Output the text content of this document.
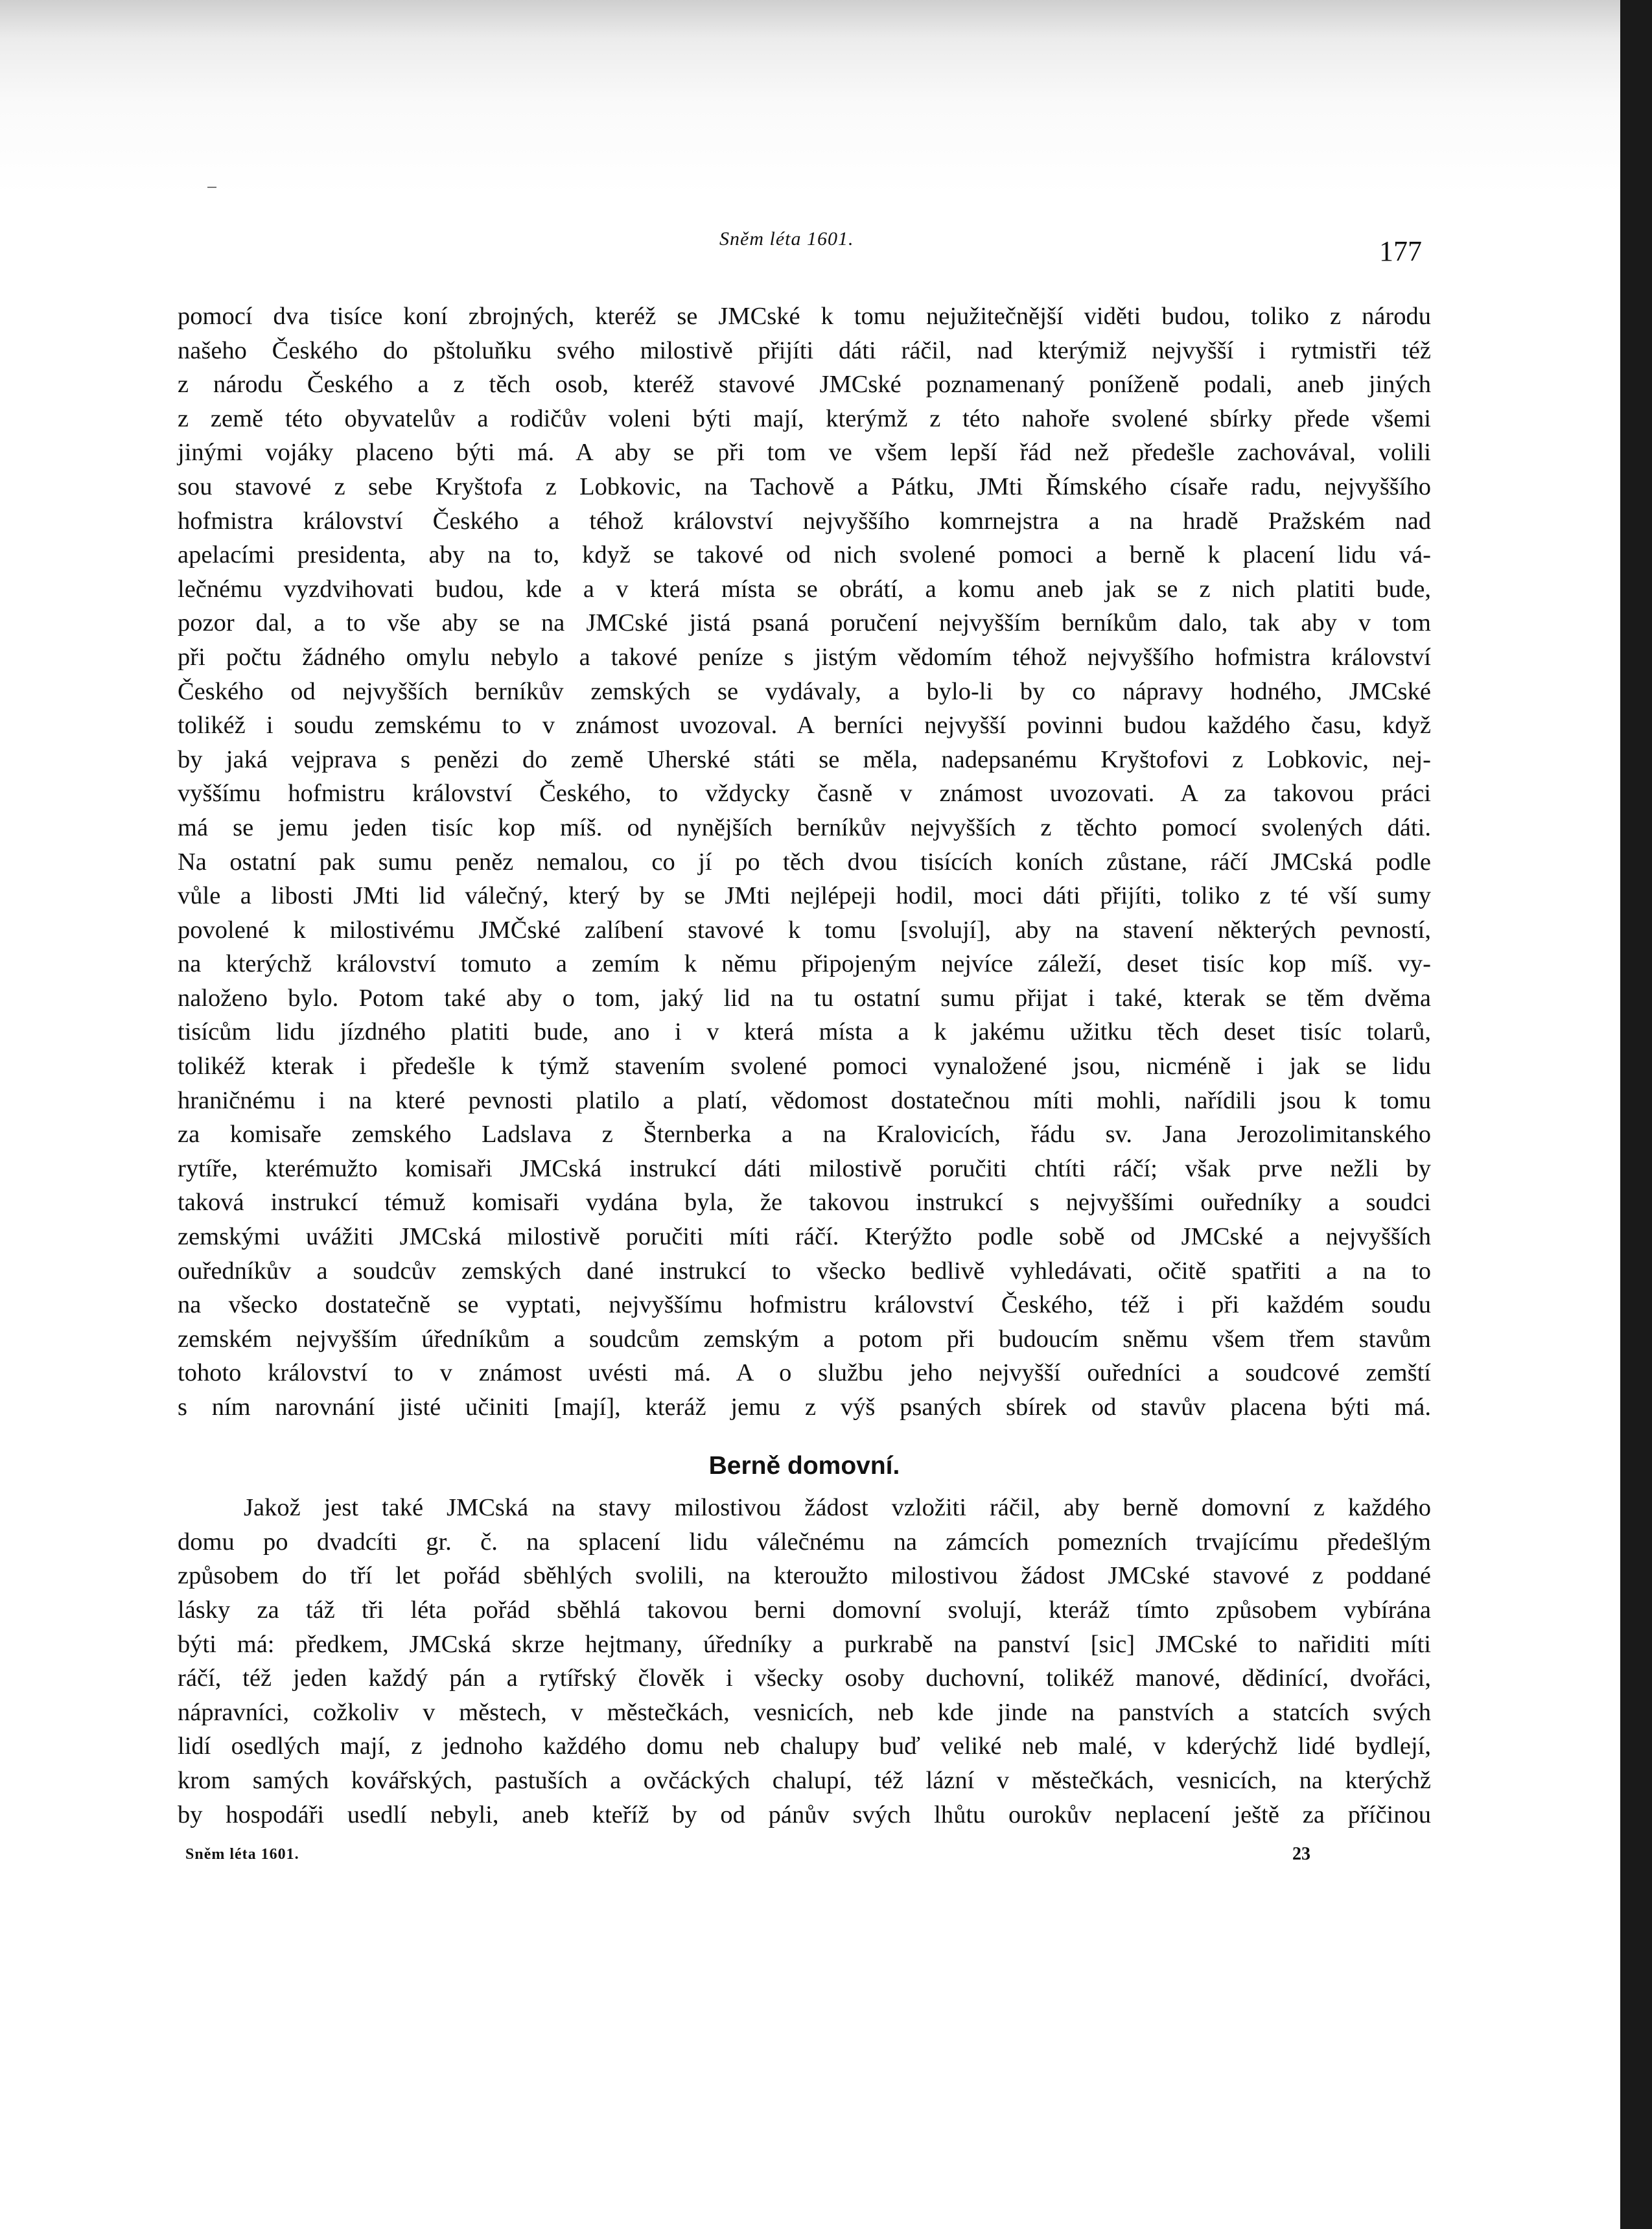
Sněm léta 1601.	177
pomocí dva tisíce koní zbrojných, kteréž se JMCské k tomu nejužitečnější viděti budou, toliko z národu
našeho Českého do pštoluňku svého milostivě přijíti dáti ráčil, nad kterýmiž nejvyšší i rytmistři též
z národu Českého a z těch osob, kteréž stavové JMCské poznamenaný poníženě podali, aneb jiných
z země této obyvatelův a rodičův voleni býti mají, kterýmž z této nahoře svolené sbírky přede všemi
jinými vojáky placeno býti má. A aby se při tom ve všem lepší řád než předešle zachovával, volili
sou stavové z sebe Kryštofa z Lobkovic, na Tachově a Pátku, JMti Římského císaře radu, nejvyššího
hofmistra království Českého a téhož království nejvyššího komrnejstra a na hradě Pražském nad
apelacími presidenta, aby na to, když se takové od nich svolené pomoci a berně k placení lidu vá-
lečnému vyzdvihovati budou, kde a v která místa se obrátí, a komu aneb jak se z nich platiti bude,
pozor dal, a to vše aby se na JMCské jistá psaná poručení nejvyšším berníkům dalo, tak aby v tom
při počtu žádného omylu nebylo a takové peníze s jistým vědomím téhož nejvyššího hofmistra království
Českého od nejvyšších berníkův zemských se vydávaly, a bylo-li by co nápravy hodného, JMCské
tolikéž i soudu zemskému to v známost uvozoval. A berníci nejvyšší povinni budou každého času, když
by jaká vejprava s penězi do země Uherské státi se měla, nadepsanému Kryštofovi z Lobkovic, nej-
vyššímu hofmistru království Českého, to vždycky časně v známost uvozovati. A za takovou práci
má se jemu jeden tisíc kop míš. od nynějších berníkův nejvyšších z těchto pomocí svolených dáti.
Na ostatní pak sumu peněz nemalou, co jí po těch dvou tisících koních zůstane, ráčí JMCská podle
vůle a libosti JMti lid válečný, který by se JMti nejlépeji hodil, moci dáti přijíti, toliko z té vší sumy
povolené k milostivému JMČské zalíbení stavové k tomu [svolují], aby na stavení některých pevností,
na kterýchž království tomuto a zemím k němu připojeným nejvíce záleží, deset tisíc kop míš. vy-
naloženo bylo. Potom také aby o tom, jaký lid na tu ostatní sumu přijat i také, kterak se těm dvěma
tisícům lidu jízdného platiti bude, ano i v která místa a k jakému užitku těch deset tisíc tolarů,
tolikéž kterak i předešle k týmž stavením svolené pomoci vynaložené jsou, nicméně i jak se lidu
hraničnému i na které pevnosti platilo a platí, vědomost dostatečnou míti mohli, nařídili jsou k tomu
za komisaře zemského Ladslava z Šternberka a na Kralovicích, řádu sv. Jana Jerozolimitanského
rytíře, kterémužto komisaři JMCská instrukcí dáti milostivě poručiti chtíti ráčí; však prve nežli by
taková instrukcí témuž komisaři vydána byla, že takovou instrukcí s nejvyššími ouředníky a soudci
zemskými uvážiti JMCská milostivě poručiti míti ráčí. Kterýžto podle sobě od JMCské a nejvyšších
ouředníkův a soudcův zemských dané instrukcí to všecko bedlivě vyhledávati, očitě spatřiti a na to
na všecko dostatečně se vyptati, nejvyššímu hofmistru království Českého, též i při každém soudu
zemském nejvyšším úředníkům a soudcům zemským a potom při budoucím sněmu všem třem stavům
tohoto království to v známost uvésti má. A o službu jeho nejvyšší ouředníci a soudcové zemští
s ním narovnání jisté učiniti [mají], kteráž jemu z výš psaných sbírek od stavův placena býti má.
Berně domovní.
Jakož jest také JMCská na stavy milostivou žádost vzložiti ráčil, aby berně domovní z každého
domu po dvadcíti gr. č. na splacení lidu válečnému na zámcích pomezních trvajícímu předešlým
způsobem do tří let pořád sběhlých svolili, na kteroužto milostivou žádost JMCské stavové z poddané
lásky za táž tři léta pořád sběhlá takovou berni domovní svolují, kteráž tímto způsobem vybírána
býti má: předkem, JMCská skrze hejtmany, úředníky a purkrabě na panství [sic] JMCské to nařiditi míti
ráčí, též jeden každý pán a rytířský člověk i všecky osoby duchovní, tolikéž manové, dědinící, dvořáci,
nápravníci, cožkoliv v městech, v městečkách, vesnicích, neb kde jinde na panstvích a statcích svých
lidí osedlých mají, z jednoho každého domu neb chalupy buď veliké neb malé, v kderýchž lidé bydlejí,
krom samých kovářských, pastuších a ovčáckých chalupí, též lázní v městečkách, vesnicích, na kterýchž
by hospodáři usedlí nebyli, aneb kteříž by od pánův svých lhůtu ourokův neplacení ještě za příčinou
Sněm léta 1601.	23
